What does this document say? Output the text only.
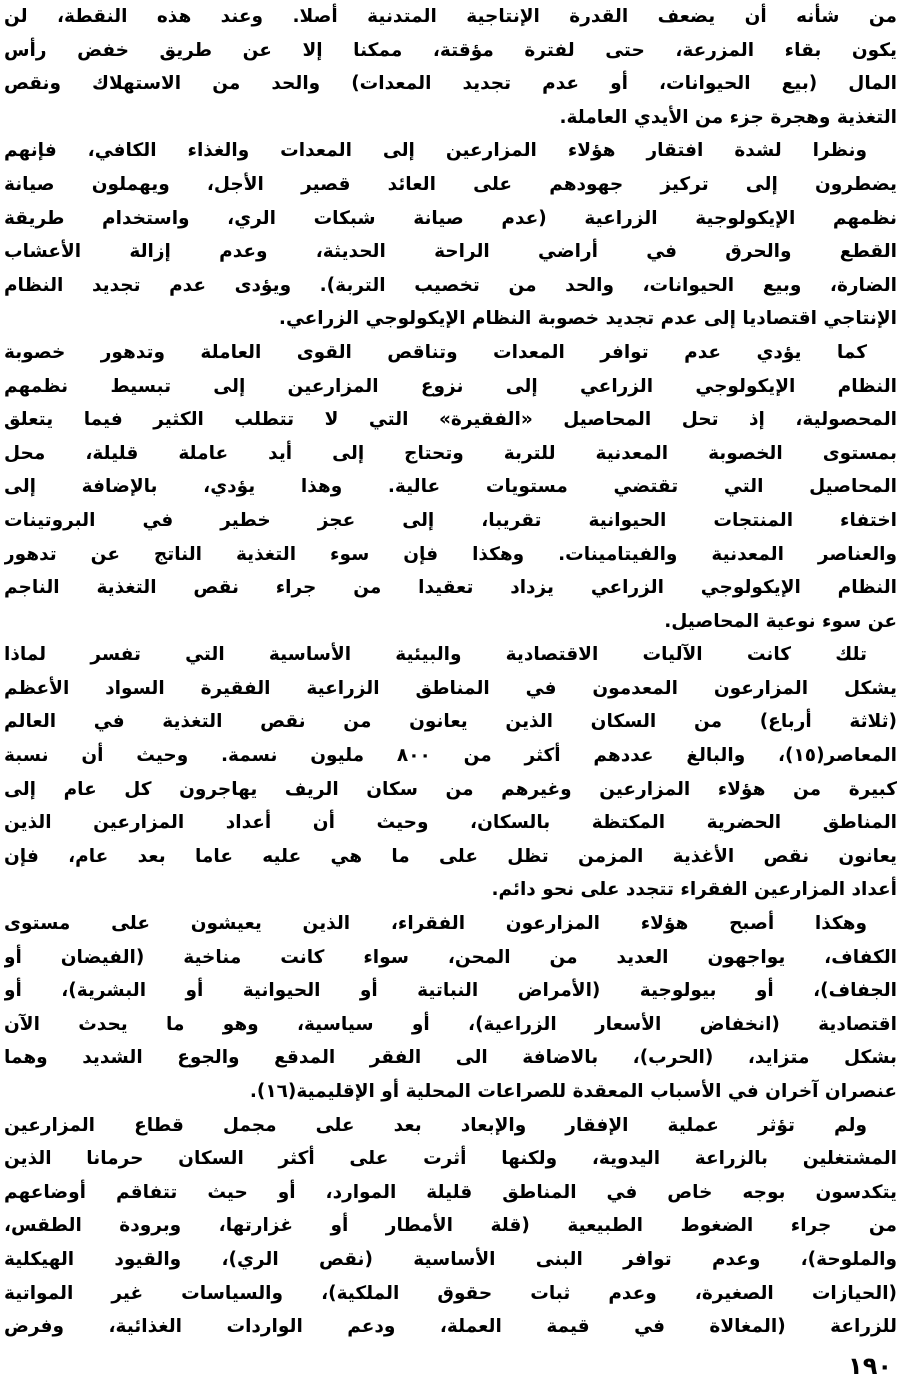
من شأنه أن يضعف القدرة الإنتاجية المتدنية أصلا. وعند هذه النقطة، لن
يكون بقاء المزرعة، حتى لفترة مؤقتة، ممكنا إلا عن طريق خفض رأس
المال (بيع الحيوانات، أو عدم تجديد المعدات) والحد من الاستهلاك ونقص
التغذية وهجرة جزء من الأيدي العاملة.
ونظرا لشدة افتقار هؤلاء المزارعين إلى المعدات والغذاء الكافي، فإنهم
يضطرون إلى تركيز جهودهم على العائد قصير الأجل، ويهملون صيانة
نظمهم الإيكولوجية الزراعية (عدم صيانة شبكات الري، واستخدام طريقة
القطع والحرق في أراضي الراحة الحديثة، وعدم إزالة الأعشاب
الضارة، وبيع الحيوانات، والحد من تخصيب التربة). ويؤدى عدم تجديد النظام
الإنتاجي اقتصاديا إلى عدم تجديد خصوبة النظام الإيكولوجي الزراعي.
كما يؤدي عدم توافر المعدات وتناقص القوى العاملة وتدهور خصوبة
النظام الإيكولوجي الزراعي إلى نزوع المزارعين إلى تبسيط نظمهم
المحصولية، إذ تحل المحاصيل «الفقيرة» التي لا تتطلب الكثير فيما يتعلق
بمستوى الخصوبة المعدنية للتربة وتحتاج إلى أيد عاملة قليلة، محل
المحاصيل التي تقتضي مستويات عالية. وهذا يؤدي، بالإضافة إلى
اختفاء المنتجات الحيوانية تقريبا، إلى عجز خطير في البروتينات
والعناصر المعدنية والفيتامينات. وهكذا فإن سوء التغذية الناتج عن تدهور
النظام الإيكولوجي الزراعي يزداد تعقيدا من جراء نقص التغذية الناجم
عن سوء نوعية المحاصيل.
تلك كانت الآليات الاقتصادية والبيئية الأساسية التي تفسر لماذا
يشكل المزارعون المعدمون في المناطق الزراعية الفقيرة السواد الأعظم
(ثلاثة أرباع) من السكان الذين يعانون من نقص التغذية في العالم
المعاصر(١٥)، والبالغ عددهم أكثر من ٨٠٠ مليون نسمة. وحيث أن نسبة
كبيرة من هؤلاء المزارعين وغيرهم من سكان الريف يهاجرون كل عام إلى
المناطق الحضرية المكتظة بالسكان، وحيث أن أعداد المزارعين الذين
يعانون نقص الأغذية المزمن تظل على ما هي عليه عاما بعد عام، فإن
أعداد المزارعين الفقراء تتجدد على نحو دائم.
وهكذا أصبح هؤلاء المزارعون الفقراء، الذين يعيشون على مستوى
الكفاف، يواجهون العديد من المحن، سواء كانت مناخية (الفيضان أو
الجفاف)، أو بيولوجية (الأمراض النباتية أو الحيوانية أو البشرية)، أو
اقتصادية (انخفاض الأسعار الزراعية)، أو سياسية، وهو ما يحدث الآن
بشكل متزايد، (الحرب)، بالاضافة الى الفقر المدقع والجوع الشديد وهما
عنصران آخران في الأسباب المعقدة للصراعات المحلية أو الإقليمية(١٦).
ولم تؤثر عملية الإفقار والإبعاد بعد على مجمل قطاع المزارعين
المشتغلين بالزراعة اليدوية، ولكنها أثرت على أكثر السكان حرمانا الذين
يتكدسون بوجه خاص في المناطق قليلة الموارد، أو حيث تتفاقم أوضاعهم
من جراء الضغوط الطبيعية (قلة الأمطار أو غزارتها، وبرودة الطقس،
والملوحة)، وعدم توافر البنى الأساسية (نقص الري)، والقيود الهيكلية
(الحيازات الصغيرة، وعدم ثبات حقوق الملكية)، والسياسات غير المواتية
للزراعة (المغالاة في قيمة العملة، ودعم الواردات الغذائية، وفرض
١٩٠
